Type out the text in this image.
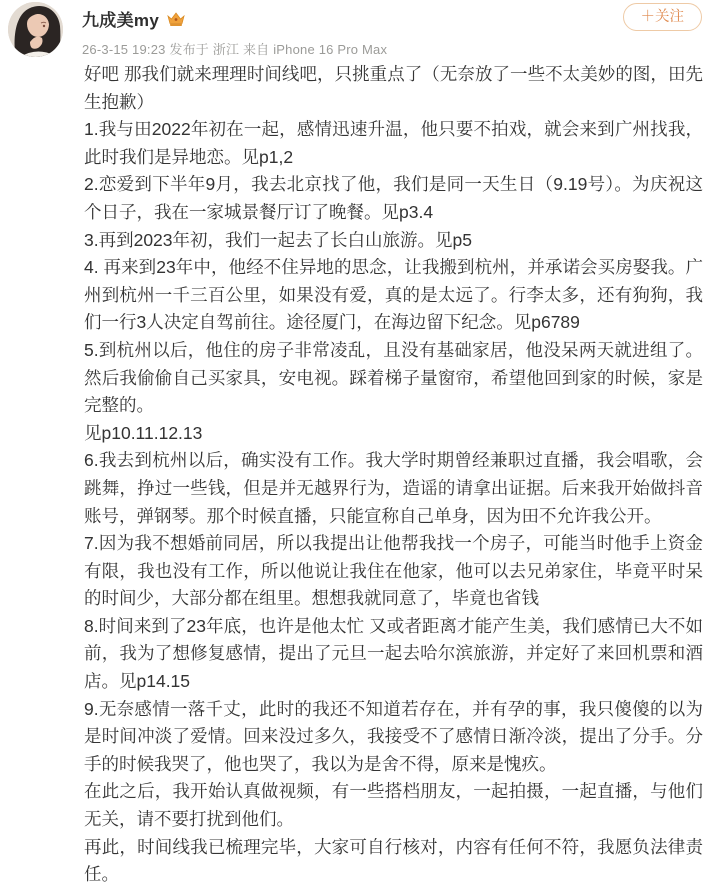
九成美my
26-3-15 19:23 发布于 浙江 来自 iPhone 16 Pro Max
＋关注

好吧 那我们就来理理时间线吧，只挑重点了（无奈放了一些不太美妙的图，田先生抱歉）

1.我与田2022年初在一起，感情迅速升温，他只要不拍戏，就会来到广州找我，此时我们是异地恋。见p1,2

2.恋爱到下半年9月，我去北京找了他，我们是同一天生日（9.19号）。为庆祝这个日子，我在一家城景餐厅订了晚餐。见p3.4

3.再到2023年初，我们一起去了长白山旅游。见p5

4. 再来到23年中，他经不住异地的思念，让我搬到杭州，并承诺会买房娶我。广州到杭州一千三百公里，如果没有爱，真的是太远了。行李太多，还有狗狗，我们一行3人决定自驾前往。途径厦门，在海边留下纪念。见p6789

5.到杭州以后，他住的房子非常凌乱，且没有基础家居，他没呆两天就进组了。然后我偷偷自己买家具，安电视。踩着梯子量窗帘，希望他回到家的时候，家是完整的。

见p10.11.12.13

6.我去到杭州以后，确实没有工作。我大学时期曾经兼职过直播，我会唱歌，会跳舞，挣过一些钱，但是并无越界行为，造谣的请拿出证据。后来我开始做抖音账号，弹钢琴。那个时候直播，只能宣称自己单身，因为田不允许我公开。

7.因为我不想婚前同居，所以我提出让他帮我找一个房子，可能当时他手上资金有限，我也没有工作，所以他说让我住在他家，他可以去兄弟家住，毕竟平时呆的时间少，大部分都在组里。想想我就同意了，毕竟也省钱

8.时间来到了23年底，也许是他太忙 又或者距离才能产生美，我们感情已大不如前，我为了想修复感情，提出了元旦一起去哈尔滨旅游，并定好了来回机票和酒店。见p14.15

9.无奈感情一落千丈，此时的我还不知道若存在，并有孕的事，我只傻傻的以为是时间冲淡了爱情。回来没过多久，我接受不了感情日渐冷淡，提出了分手。分手的时候我哭了，他也哭了，我以为是舍不得，原来是愧疚。

在此之后，我开始认真做视频，有一些搭档朋友，一起拍摄，一起直播，与他们无关，请不要打扰到他们。

再此，时间线我已梳理完毕，大家可自行核对，内容有任何不符，我愿负法律责任。
